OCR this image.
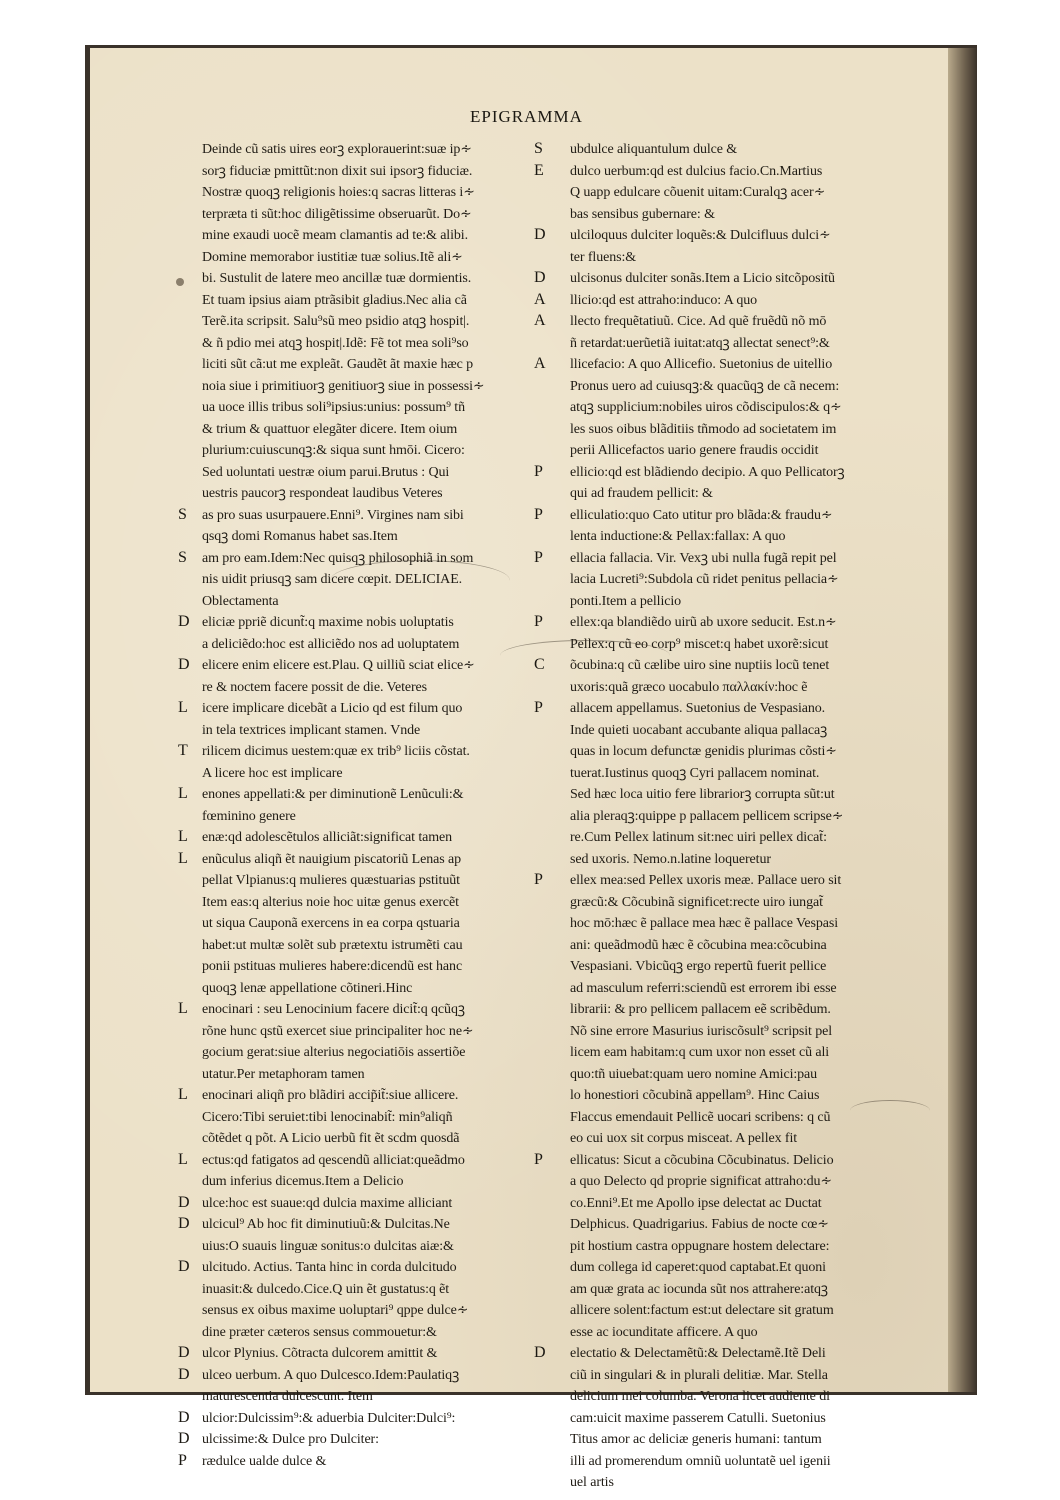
EPIGRAMMA
Deinde cũ satis uires eorꝫ explorauerint:suæ ip∻
sorꝫ fiduciæ pmittũt:non dixit sui ipsorꝫ fiduciæ.
Nostræ quoqꝫ religionis hoies:q sacras litteras i∻
terpræta ti sũt:hoc diligẽtissime obseruarũt. Do∻
mine exaudi uocẽ meam clamantis ad te:& alibi.
Domine memorabor iustitiæ tuæ solius.Itẽ ali∻
bi. Sustulit de latere meo ancillæ tuæ dormientis.
Et tuam ipsius aiam ptrãsibit gladius.Nec alia cã
Terẽ.ita scripsit. Salu⁹sũ meo psidio atqꝫ hospit|.
& ñ pdio mei atqꝫ hospit|.Idẽ: Fẽ tot mea soli⁹so
liciti sũt cã:ut me expleãt. Gaudẽt ãt maxie hæc p
noia siue i primitiuorꝫ genitiuorꝫ siue in possessi∻
ua uoce illis tribus soli⁹ipsius:unius: possum⁹ tñ
& trium & quattuor elegãter dicere. Item oium
plurium:cuiuscunqꝫ:& siqua sunt hmōi. Cicero:
Sed uoluntati uestræ oium parui.Brutus : Qui
uestris paucorꝫ respondeat laudibus Veteres
S	as pro suas usurpauere.Enni⁹. Virgines nam sibi
qsqꝫ domi Romanus habet sas.Item
S	am pro eam.Idem:Nec quisqꝫ philosophiã in som
nis uidit priusqꝫ sam dicere cœpit. DELICIAE.
Oblectamenta
D eliciæ ppriẽ dicunt̃:q maxime nobis uoluptatis
a deliciẽdo:hoc est alliciẽdo nos ad uoluptatem
D elicere enim elicere est.Plau. Q uilliũ sciat elice∻
re & noctem facere possit de die. Veteres
L	icere implicare dicebãt a Licio qd est filum quo
in tela textrices implicant stamen. Vnde
T	rilicem dicimus uestem:quæ ex trib⁹ liciis cõstat.
A licere hoc est implicare
L	enones appellati:& per diminutionẽ Lenũculi:&
fœminino genere
L	enæ:qd adolescẽtulos alliciãt:significat tamen
L	enũculus aliqñ ẽt nauigium piscatoriũ Lenas ap
pellat Vlpianus:q mulieres quæstuarias pstituũt
Item eas:q alterius noie hoc uitæ genus exercẽt
ut siqua Cauponã exercens in ea corpa qstuaria
habet:ut multæ solẽt sub prætextu istrumẽti cau
ponii pstituas mulieres habere:dicendũ est hanc
quoqꝫ lenæ appellatione cõtineri.Hinc
L	enocinari : seu Lenocinium facere dicit̃:q qcũqꝫ
rõne hunc qstũ exercet siue principaliter hoc ne∻
gocium gerat:siue alterius negociatiōis assertiõe
utatur.Per metaphoram tamen
L	enocinari aliqñ pro blãdiri accip̃it̃:siue allicere.
Cicero:Tibi seruiet:tibi lenocinabit̃: min⁹aliqñ
cõtẽdet q põt. A Licio uerbũ fit ẽt scdm quosdã
L	ectus:qd fatigatos ad qescendũ alliciat:queãdmo
dum inferius dicemus.Item a Delicio
D ulce:hoc est suaue:qd dulcia maxime alliciant
D ulcicul⁹ Ab hoc fit diminutiuũ:& Dulcitas.Ne
uius:O suauis linguæ sonitus:o dulcitas aiæ:&
D ulcitudo. Actius. Tanta hinc in corda dulcitudo
inuasit:& dulcedo.Cice.Q uin ẽt gustatus:q ẽt
sensus ex oibus maxime uoluptari⁹ qppe dulce∻
dine præter cæteros sensus commouetur:&
D ulcor Plynius. Cõtracta dulcorem amittit &
D ulceo uerbum. A quo Dulcesco.Idem:Paulatiqꝫ
maturescentia dulcescunt. Item
D ulcior:Dulcissim⁹:& aduerbia Dulciter:Dulci⁹:
D ulcissime:& Dulce pro Dulciter:
P	rædulce ualde dulce &
S	ubdulce aliquantulum dulce &
E	dulco uerbum:qd est dulcius facio.Cn.Martius
Q uapp edulcare cõuenit uitam:Curalqꝫ acer∻
bas sensibus gubernare: &
D	ulciloquus dulciter loquẽs:& Dulcifluus dulci∻
ter fluens:&
D	ulcisonus dulciter sonãs.Item a Licio sitcõpositũ
A	llicio:qd est attraho:induco: A quo
A	llecto frequẽtatiuũ. Cice. Ad quẽ fruẽdũ nõ mō
ñ retardat:uerũetiã iuitat:atqꝫ allectat senect⁹:&
A	llicefacio: A quo Allicefio. Suetonius de uitellio
Pronus uero ad cuiusqꝫ:& quacũqꝫ de cã necem:
atqꝫ supplicium:nobiles uiros cõdiscipulos:& q∻
les suos oibus blãditiis tñmodo ad societatem im
perii Allicefactos uario genere fraudis occidit
P	ellicio:qd est blãdiendo decipio. A quo Pellicatorꝫ
qui ad fraudem pellicit: &
P	elliculatio:quo Cato utitur pro blãda:& fraudu∻
lenta inductione:& Pellax:fallax: A quo
P	ellacia fallacia. Vir. Vexꝫ ubi nulla fugã repit pel
lacia Lucreti⁹:Subdola cũ ridet penitus pellacia∻
ponti.Item a pellicio
P	ellex:qa blandiẽdo uirũ ab uxore seducit. Est.n∻
Pellex:q cũ eo corp⁹ miscet:q habet uxorẽ:sicut
C	õcubina:q cũ cælibe uiro sine nuptiis locũ tenet
uxoris:quã græco uocabulo παλλακίν:hoc ẽ
P	allacem appellamus. Suetonius de Vespasiano.
Inde quieti uocabant accubante aliqua pallacaꝫ
quas in locum defunctæ genidis plurimas cõsti∻
tuerat.Iustinus quoqꝫ Cyri pallacem nominat.
Sed hæc loca uitio fere librariorꝫ corrupta sũt:ut
alia pleraqꝫ:quippe p pallacem pellicem scripse∻
re.Cum Pellex latinum sit:nec uiri pellex dicat̃:
sed uxoris. Nemo.n.latine loqueretur
P	ellex mea:sed Pellex uxoris meæ. Pallace uero sit
græcũ:& Cõcubinã significet:recte uiro iungat̃
hoc mō:hæc ẽ pallace mea hæc ẽ pallace Vespasi
ani: queãdmodũ hæc ẽ cõcubina mea:cõcubina
Vespasiani. Vbicũqꝫ ergo repertũ fuerit pellice
ad masculum referri:sciendũ est errorem ibi esse
librarii: & pro pellicem pallacem eẽ scribẽdum.
Nõ sine errore Masurius iuriscõsult⁹ scripsit pel
licem eam habitam:q cum uxor non esset cũ ali
quo:tñ uiuebat:quam uero nomine Amici:pau
lo honestiori cõcubinã appellam⁹. Hinc Caius
Flaccus emendauit Pellicẽ uocari scribens: q cũ
eo cui uox sit corpus misceat. A pellex fit
P	ellicatus: Sicut a cõcubina Cõcubinatus. Delicio
a quo Delecto qd proprie significat attraho:du∻
co.Enni⁹.Et me Apollo ipse delectat ac Ductat
Delphicus. Quadrigarius. Fabius de nocte cœ∻
pit hostium castra oppugnare hostem delectare:
dum collega id caperet:quod captabat.Et quoni
am quæ grata ac iocunda sũt nos attrahere:atqꝫ
allicere solent:factum est:ut delectare sit gratum
esse ac iocunditate afficere. A quo
D	electatio & Delectamẽtũ:& Delectamẽ.Itẽ Deli
ciũ in singulari & in plurali delitiæ. Mar. Stella
delicium mei columba. Verona licet audiente di
cam:uicit maxime passerem Catulli. Suetonius
Titus amor ac deliciæ generis humani: tantum
illi ad promerendum omniũ uoluntatẽ uel igenii
uel artis
